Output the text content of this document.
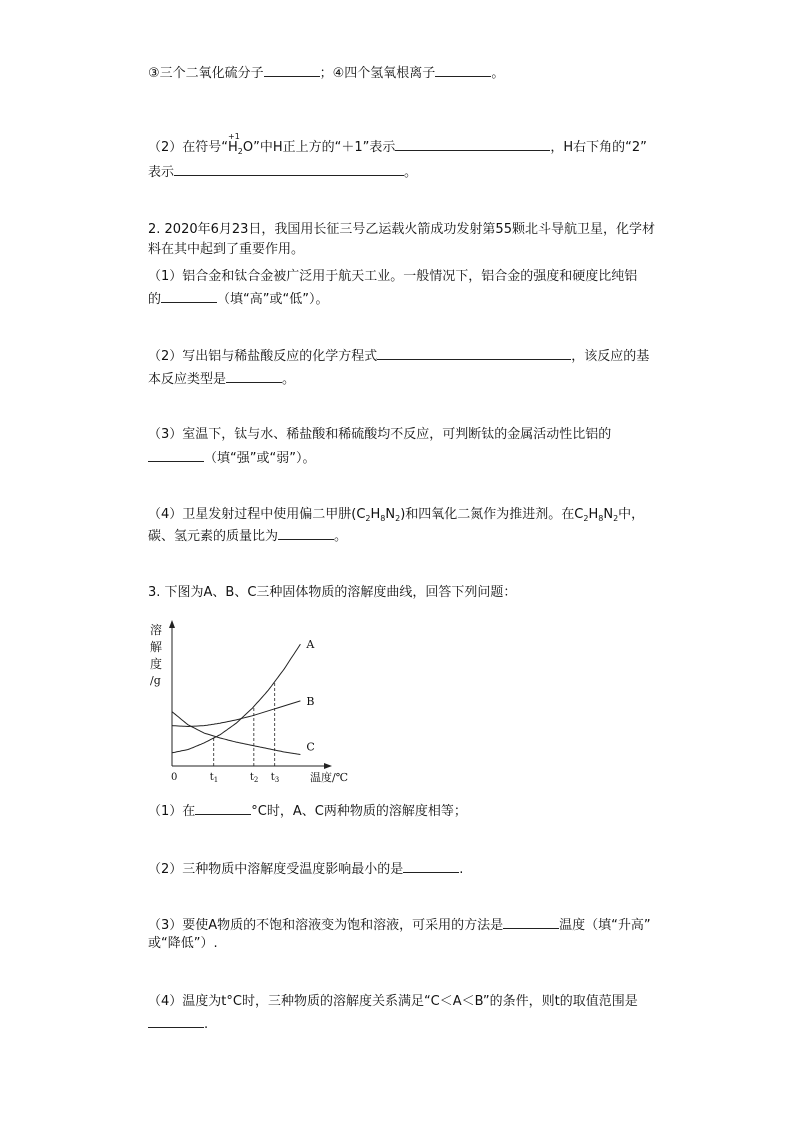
③三个二氧化硫分子	；④四个氢氧根离子	。
（2）在符号“
+1
$H_2O$”中H正上方的“＋1”表示	，H右下角的“2”
表示	。
2. 2020年6月23日，我国用长征三号乙运载火箭成功发射第55颗北斗导航卫星，化学材
料在其中起到了重要作用。
（1）铝合金和钛合金被广泛用于航天工业。一般情况下，铝合金的强度和硬度比纯铝
的	（填“高”或“低”）。
（2）写出铝与稀盐酸反应的化学方程式	，该反应的基
本反应类型是	。
（3）室温下，钛与水、稀盐酸和稀硫酸均不反应，可判断钛的金属活动性比铝的
（填“强”或“弱”）。
（4）卫星发射过程中使用偏二甲肼$(C_2H_8N_2)$和四氧化二氮作为推进剂。在$C_2H_8N_2$中，
碳、氢元素的质量比为	。
3. 下图为A、B、C三种固体物质的溶解度曲线，回答下列问题：
溶
解
度
/g
0	$t_1$	$t_2$ $t_3$	温度/℃
A
B
C
（1）在	°C时，A、C两种物质的溶解度相等；
（2）三种物质中溶解度受温度影响最小的是	.
（3）要使A物质的不饱和溶液变为饱和溶液，可采用的方法是	温度（填“升高”
或“降低”）.
（4）温度为t°C时，三种物质的溶解度关系满足“C＜A＜B”的条件，则t的取值范围是
.
